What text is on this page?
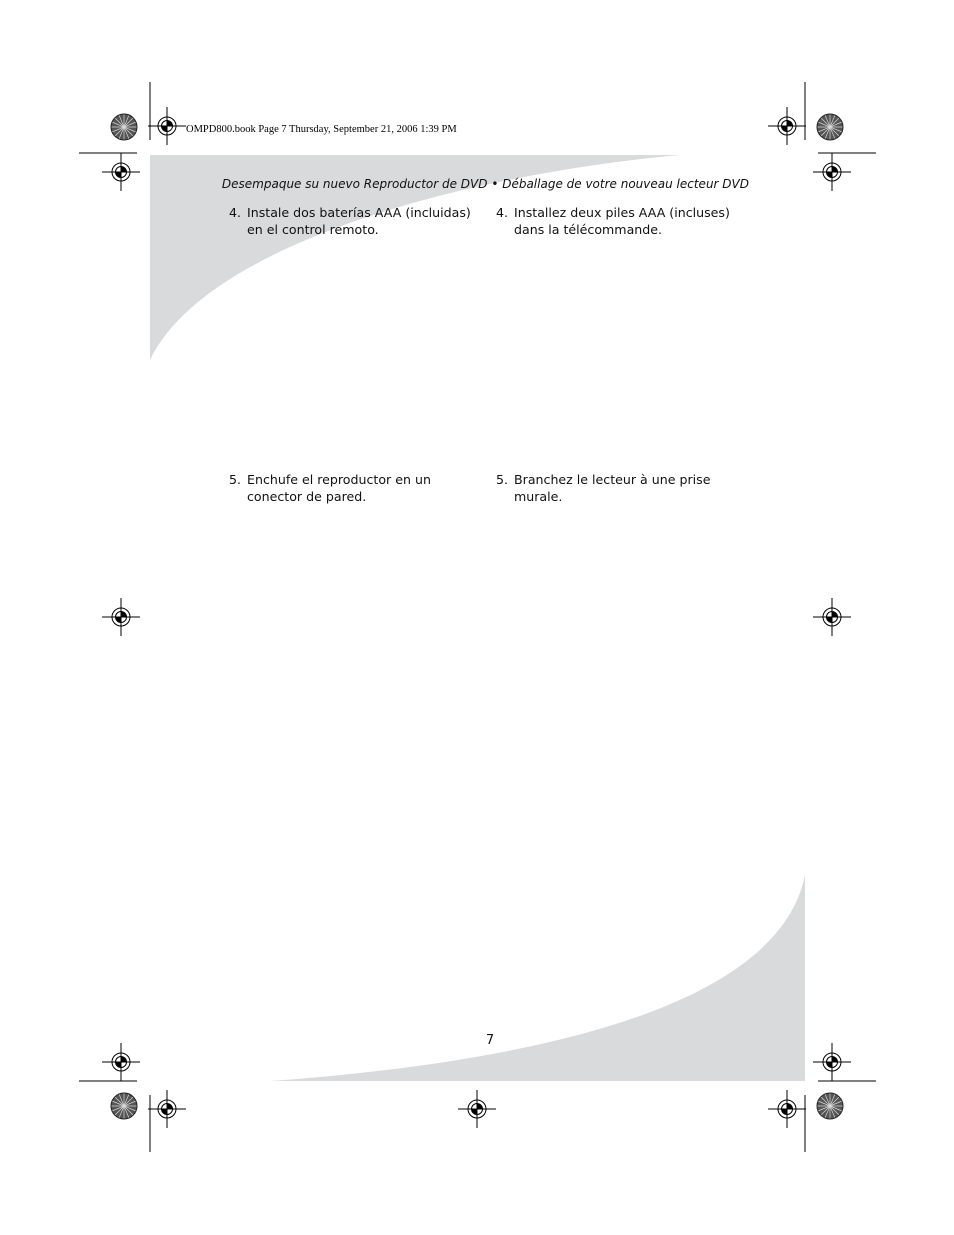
OMPD800.book Page 7 Thursday, September 21, 2006 1:39 PM
Desempaque su nuevo Reproductor de DVD • Déballage de votre nouveau lecteur DVD
4. Instale dos baterías AAA (incluidas) en el control remoto.
4. Installez deux piles AAA (incluses) dans la télécommande.
5. Enchufe el reproductor en un conector de pared.
5. Branchez le lecteur à une prise murale.
7
